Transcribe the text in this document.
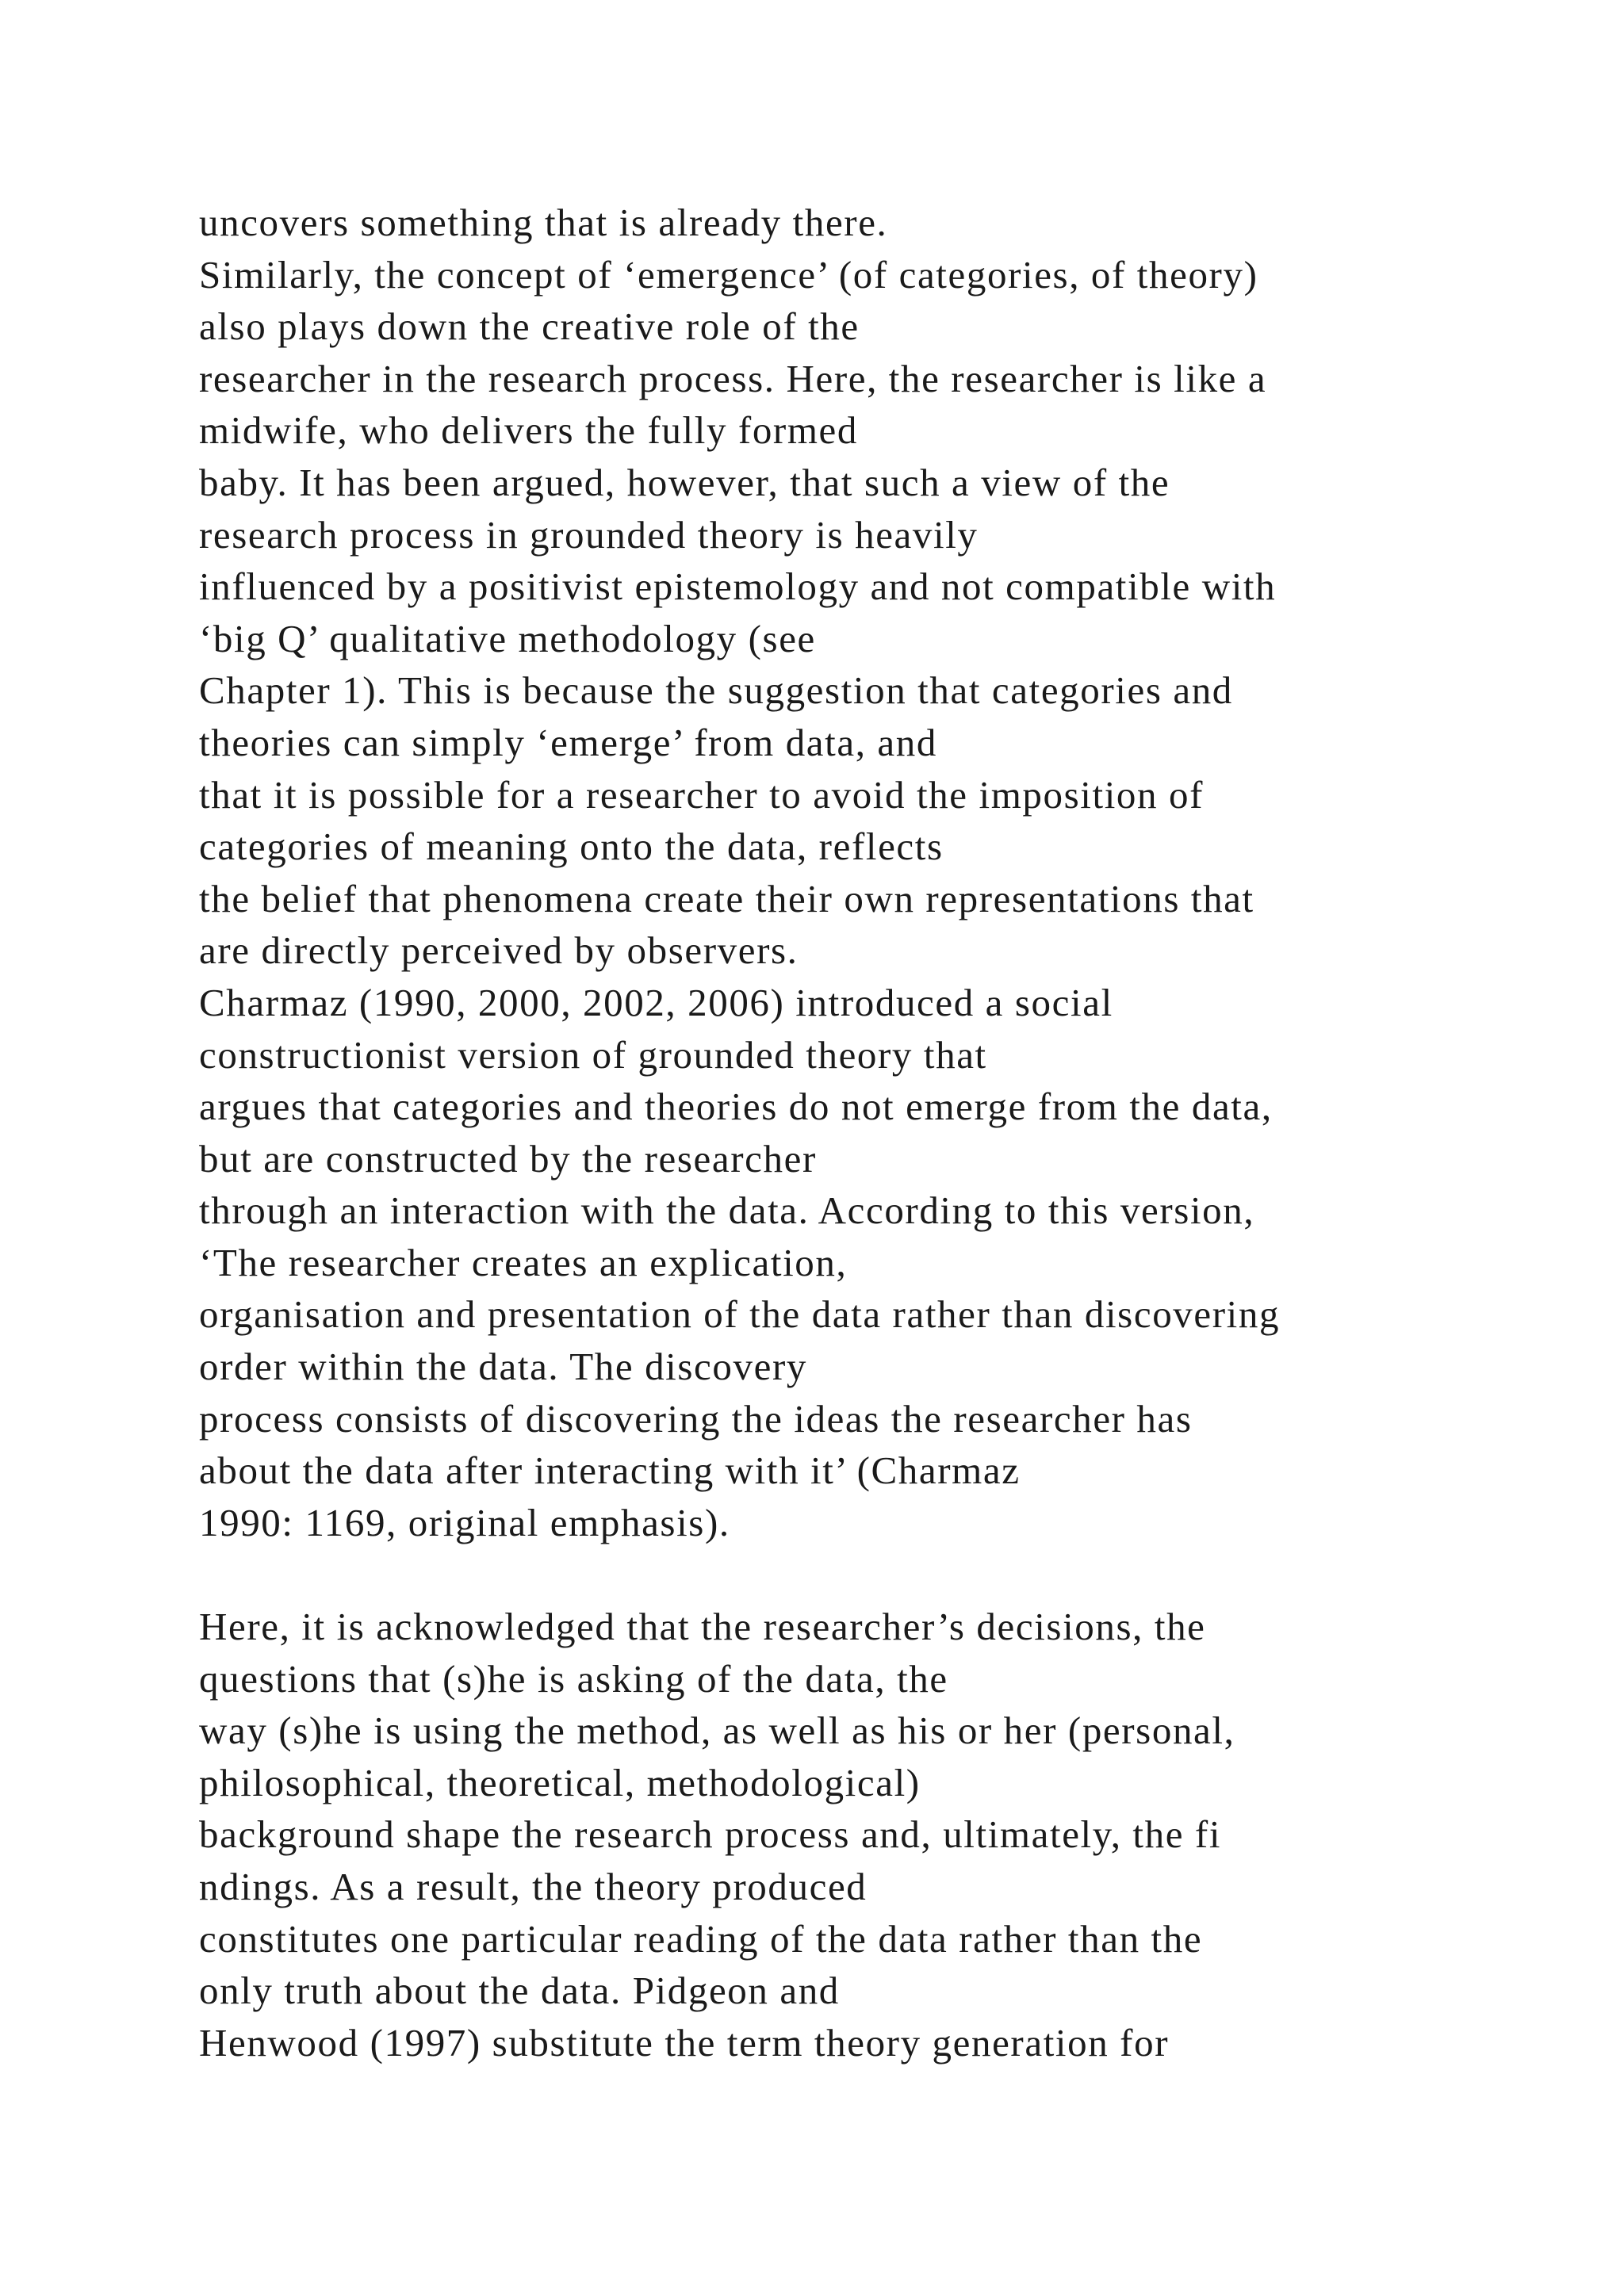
uncovers something that is already there.
Similarly, the concept of ‘emergence’ (of categories, of theory)
also plays down the creative role of the
researcher in the research process. Here, the researcher is like a
midwife, who delivers the fully formed
baby. It has been argued, however, that such a view of the
research process in grounded theory is heavily
influenced by a positivist epistemology and not compatible with
‘big Q’ qualitative methodology (see
Chapter 1). This is because the suggestion that categories and
theories can simply ‘emerge’ from data, and
that it is possible for a researcher to avoid the imposition of
categories of meaning onto the data, reflects
the belief that phenomena create their own representations that
are directly perceived by observers.
Charmaz (1990, 2000, 2002, 2006) introduced a social
constructionist version of grounded theory that
argues that categories and theories do not emerge from the data,
but are constructed by the researcher
through an interaction with the data. According to this version,
‘The researcher creates an explication,
organisation and presentation of the data rather than discovering
order within the data. The discovery
process consists of discovering the ideas the researcher has
about the data after interacting with it’ (Charmaz
1990: 1169, original emphasis).
Here, it is acknowledged that the researcher’s decisions, the
questions that (s)he is asking of the data, the
way (s)he is using the method, as well as his or her (personal,
philosophical, theoretical, methodological)
background shape the research process and, ultimately, the fi
ndings. As a result, the theory produced
constitutes one particular reading of the data rather than the
only truth about the data. Pidgeon and
Henwood (1997) substitute the term theory generation for
